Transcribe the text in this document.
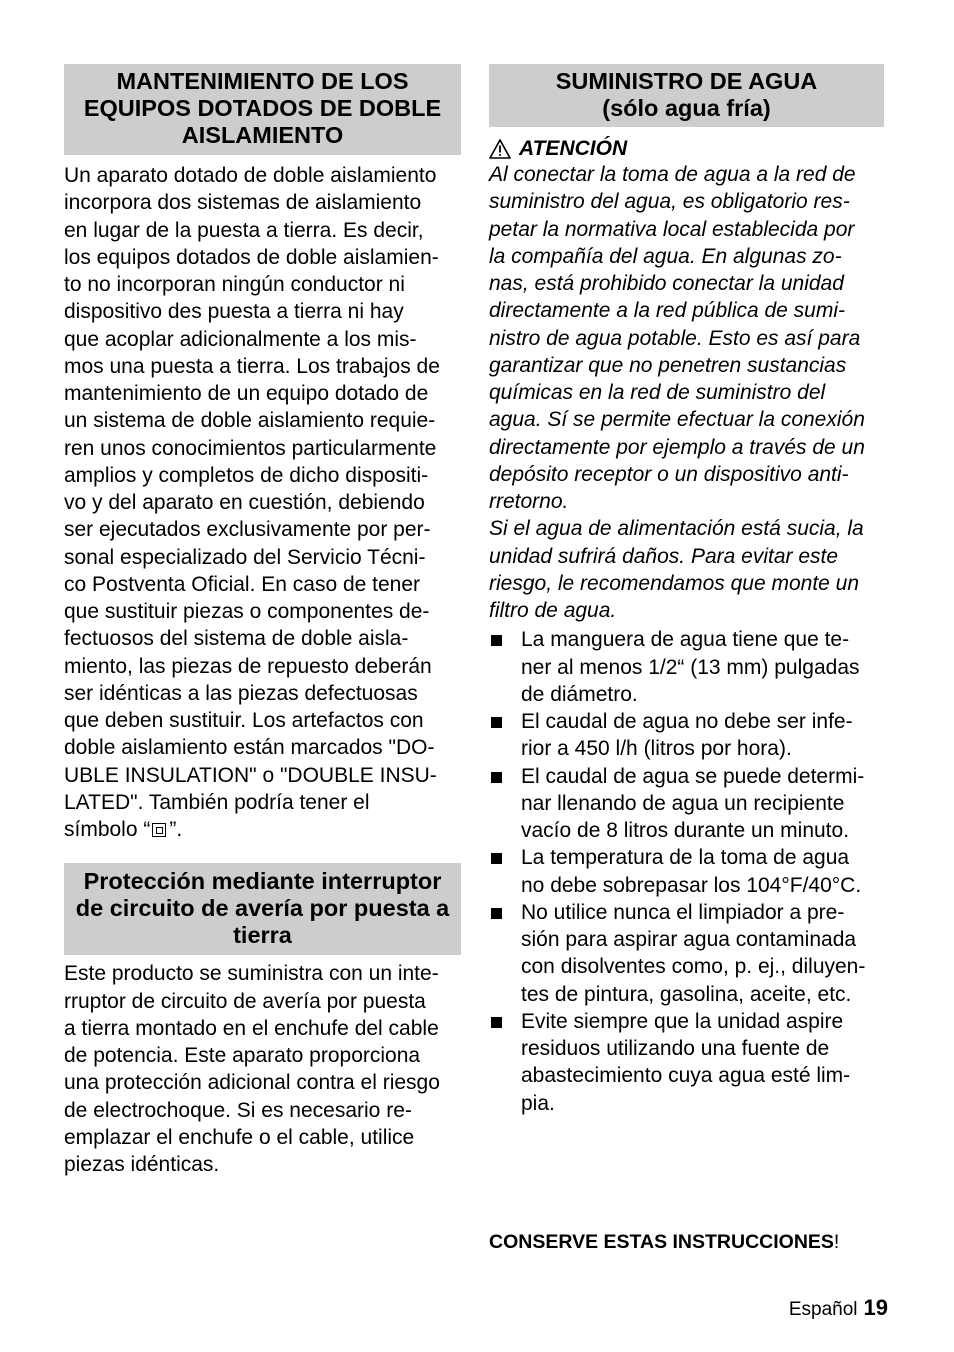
MANTENIMIENTO DE LOS
EQUIPOS DOTADOS DE DOBLE
AISLAMIENTO
Un aparato dotado de doble aislamiento
incorpora dos sistemas de aislamiento
en lugar de la puesta a tierra. Es decir,
los equipos dotados de doble aislamien-
to no incorporan ningún conductor ni
dispositivo des puesta a tierra ni hay
que acoplar adicionalmente a los mis-
mos una puesta a tierra. Los trabajos de
mantenimiento de un equipo dotado de
un sistema de doble aislamiento requie-
ren unos conocimientos particularmente
amplios y completos de dicho dispositi-
vo y del aparato en cuestión, debiendo
ser ejecutados exclusivamente por per-
sonal especializado del Servicio Técni-
co Postventa Oficial. En caso de tener
que sustituir piezas o componentes de-
fectuosos del sistema de doble aisla-
miento, las piezas de repuesto deberán
ser idénticas a las piezas defectuosas
que deben sustituir. Los artefactos con
doble aislamiento están marcados "DO-
UBLE INSULATION" o "DOUBLE INSU-
LATED". También podría tener el
símbolo “ ”.
Protección mediante interruptor
de circuito de avería por puesta a
tierra
Este producto se suministra con un inte-
rruptor de circuito de avería por puesta
a tierra montado en el enchufe del cable
de potencia. Este aparato proporciona
una protección adicional contra el riesgo
de electrochoque. Si es necesario re-
emplazar el enchufe o el cable, utilice
piezas idénticas.
SUMINISTRO DE AGUA
(sólo agua fría)
ATENCIÓN
Al conectar la toma de agua a la red de
suministro del agua, es obligatorio res-
petar la normativa local establecida por
la compañía del agua. En algunas zo-
nas, está prohibido conectar la unidad
directamente a la red pública de sumi-
nistro de agua potable. Esto es así para
garantizar que no penetren sustancias
químicas en la red de suministro del
agua. Sí se permite efectuar la conexión
directamente por ejemplo a través de un
depósito receptor o un dispositivo anti-
rretorno.
Si el agua de alimentación está sucia, la
unidad sufrirá daños. Para evitar este
riesgo, le recomendamos que monte un
filtro de agua.
La manguera de agua tiene que te-
ner al menos 1/2“ (13 mm) pulgadas
de diámetro.
El caudal de agua no debe ser infe-
rior a 450 l/h (litros por hora).
El caudal de agua se puede determi-
nar llenando de agua un recipiente
vacío de 8 litros durante un minuto.
La temperatura de la toma de agua
no debe sobrepasar los 104°F/40°C.
No utilice nunca el limpiador a pre-
sión para aspirar agua contaminada
con disolventes como, p. ej., diluyen-
tes de pintura, gasolina, aceite, etc.
Evite siempre que la unidad aspire
residuos utilizando una fuente de
abastecimiento cuya agua esté lim-
pia.
CONSERVE ESTAS INSTRUCCIONES!
Español 19
